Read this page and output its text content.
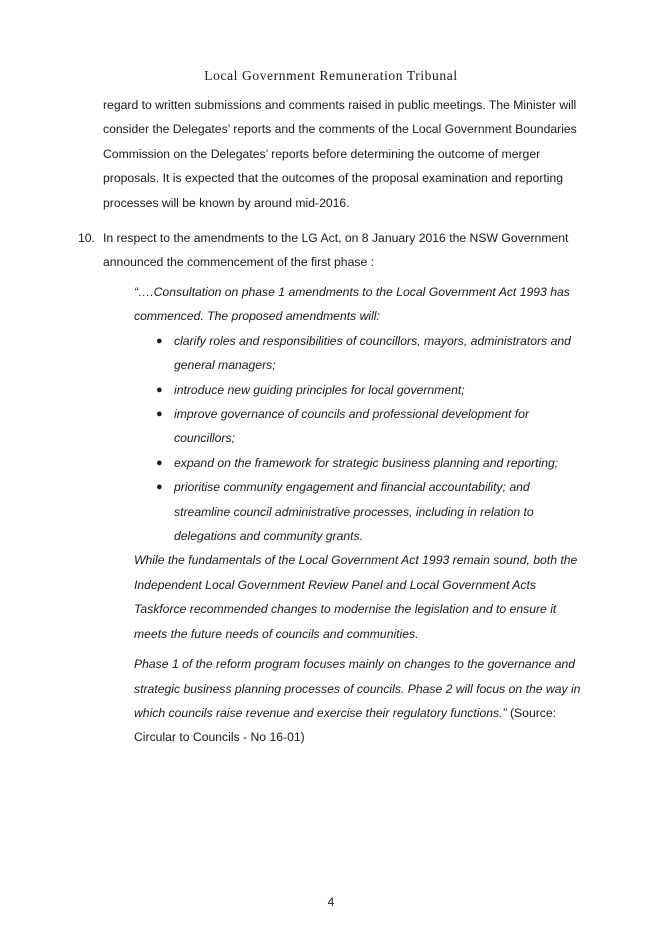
Local Government Remuneration Tribunal
regard to written submissions and comments raised in public meetings. The Minister will consider the Delegates’ reports and the comments of the Local Government Boundaries Commission on the Delegates’ reports before determining the outcome of merger proposals. It is expected that the outcomes of the proposal examination and reporting processes will be known by around mid-2016.
10. In respect to the amendments to the LG Act, on 8 January 2016 the NSW Government announced the commencement of the first phase :

“….Consultation on phase 1 amendments to the Local Government Act 1993 has commenced. The proposed amendments will:

● clarify roles and responsibilities of councillors, mayors, administrators and general managers;
● introduce new guiding principles for local government;
● improve governance of councils and professional development for councillors;
● expand on the framework for strategic business planning and reporting;
● prioritise community engagement and financial accountability; and streamline council administrative processes, including in relation to delegations and community grants.

While the fundamentals of the Local Government Act 1993 remain sound, both the Independent Local Government Review Panel and Local Government Acts Taskforce recommended changes to modernise the legislation and to ensure it meets the future needs of councils and communities.

Phase 1 of the reform program focuses mainly on changes to the governance and strategic business planning processes of councils. Phase 2 will focus on the way in which councils raise revenue and exercise their regulatory functions.” (Source: Circular to Councils - No 16-01)

4
